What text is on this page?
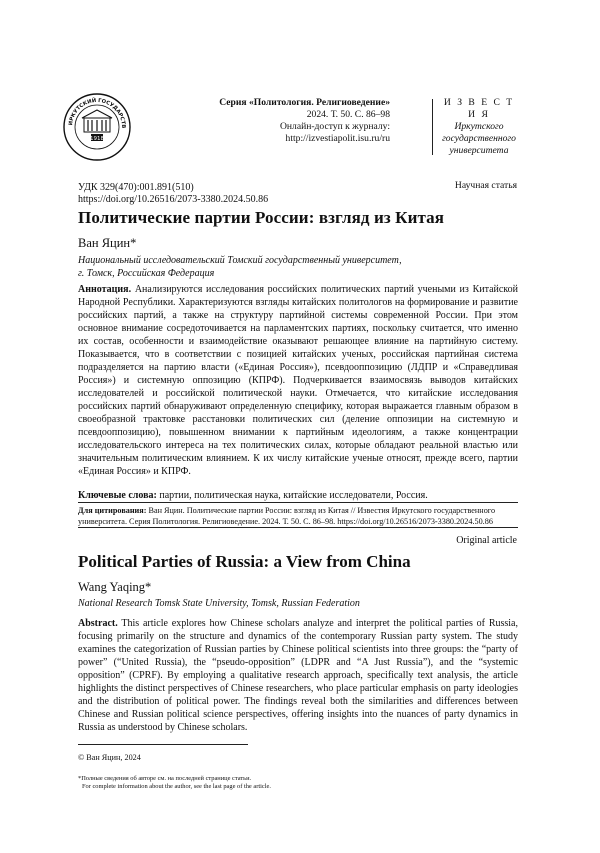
ИРКУТСКИЙ ГОСУДАРСТВЕННЫЙ УНИВЕРСИТЕТ
1918
Серия «Политология. Религиоведение»
2024. Т. 50. С. 86–98
Онлайн-доступ к журналу:
http://izvestiapolit.isu.ru/ru
И З В Е С Т И Я
Иркутского
государственного
университета
Научная статья
УДК 329(470):001.891(510)
https://doi.org/10.26516/2073-3380.2024.50.86
Политические партии России: взгляд из Китая
Ван Яцин*
Национальный исследовательский Томский государственный университет,
г. Томск, Российская Федерация
Аннотация. Анализируются исследования российских политических партий учеными из Китайской Народной Республики. Характеризуются взгляды китайских политологов на формирование и развитие российских партий, а также на структуру партийной системы современной России. При этом основное внимание сосредоточивается на парламентских партиях, поскольку считается, что именно их состав, особенности и взаимодействие оказывают решающее влияние на партийную систему. Показывается, что в соответствии с позицией китайских ученых, российская партийная система подразделяется на партию власти («Единая Россия»), псевдооппозицию (ЛДПР и «Справедливая Россия») и системную оппозицию (КПРФ). Подчеркивается взаимосвязь выводов китайских исследователей и российской политической науки. Отмечается, что китайские исследования российских партий обнаруживают определенную специфику, которая выражается главным образом в своеобразной трактовке расстановки политических сил (деление оппозиции на системную и псевдооппозицию), повышенном внимании к партийным идеологиям, а также концентрации исследовательского интереса на тех политических силах, которые обладают реальной властью или значительным политическим влиянием. К их числу китайские ученые относят, прежде всего, партии «Единая Россия» и КПРФ.
Ключевые слова: партии, политическая наука, китайские исследователи, Россия.
Для цитирования: Ван Яцин. Политические партии России: взгляд из Китая // Известия Иркутского государственного университета. Серия Политология. Религиоведение. 2024. Т. 50. С. 86–98. https://doi.org/10.26516/2073-3380.2024.50.86
Original article
Political Parties of Russia: a View from China
Wang Yaqing*
National Research Tomsk State University, Tomsk, Russian Federation
Abstract. This article explores how Chinese scholars analyze and interpret the political parties of Russia, focusing primarily on the structure and dynamics of the contemporary Russian party system. The study examines the categorization of Russian parties by Chinese political scientists into three groups: the “party of power” (“United Russia), the “pseudo-opposition” (LDPR and “A Just Russia”), and the “systemic opposition” (CPRF). By employing a qualitative research approach, specifically text analysis, the article highlights the distinct perspectives of Chinese researchers, who place particular emphasis on party ideologies and the distribution of political power. The findings reveal both the similarities and differences between Chinese and Russian political science perspectives, offering insights into the nuances of party dynamics in Russia as understood by Chinese scholars.
© Ван Яцин, 2024
*Полные сведения об авторе см. на последней странице статьи.
For complete information about the author, see the last page of the article.
